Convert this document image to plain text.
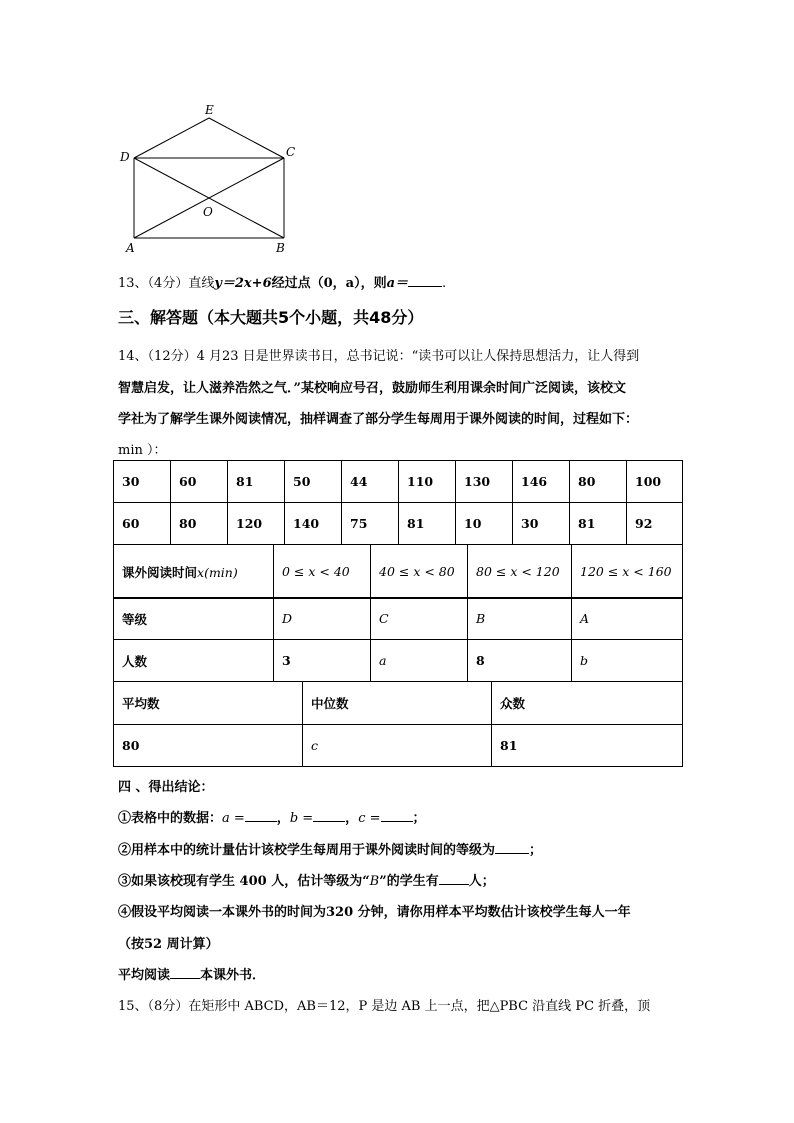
E
D	C
O
A	B
13、（4分）直线y＝2x+6经过点（0，a），则a＝	.
三、解答题（本大题共5个小题，共48分）
14、（12分）4 月23 日是世界读书日，总书记说：“读书可以让人保持思想活力，让人得到
智慧启发，让人滋养浩然之气．”某校响应号召，鼓励师生利用课余时间广泛阅读，该校文
学社为了解学生课外阅读情况，抽样调查了部分学生每周用于课外阅读的时间，过程如下：
min ）：
30	60	81	50	44	110	130	146	80	100
60	80	120	140	75	81	10	30	81	92
课外阅读时间x(min)	0 ≤ x < 40	40 ≤ x < 80	80 ≤ x < 120	120 ≤ x < 160
等级	D	C	B	A
人数	3	a	8	b
平均数	中位数	众数
80	c	81
四 、得出结论：
①表格中的数据：a = ，b = ，c = ；
②用样本中的统计量估计该校学生每周用于课外阅读时间的等级为	；
③如果该校现有学生 400 人，估计等级为“B”的学生有 人；
④假设平均阅读一本课外书的时间为320 分钟，请你用样本平均数估计该校学生每人一年
（按52 周计算）
平均阅读 本课外书．
15、（8分）在矩形中 ABCD，AB＝12，P 是边 AB 上一点，把△PBC 沿直线 PC 折叠，顶
